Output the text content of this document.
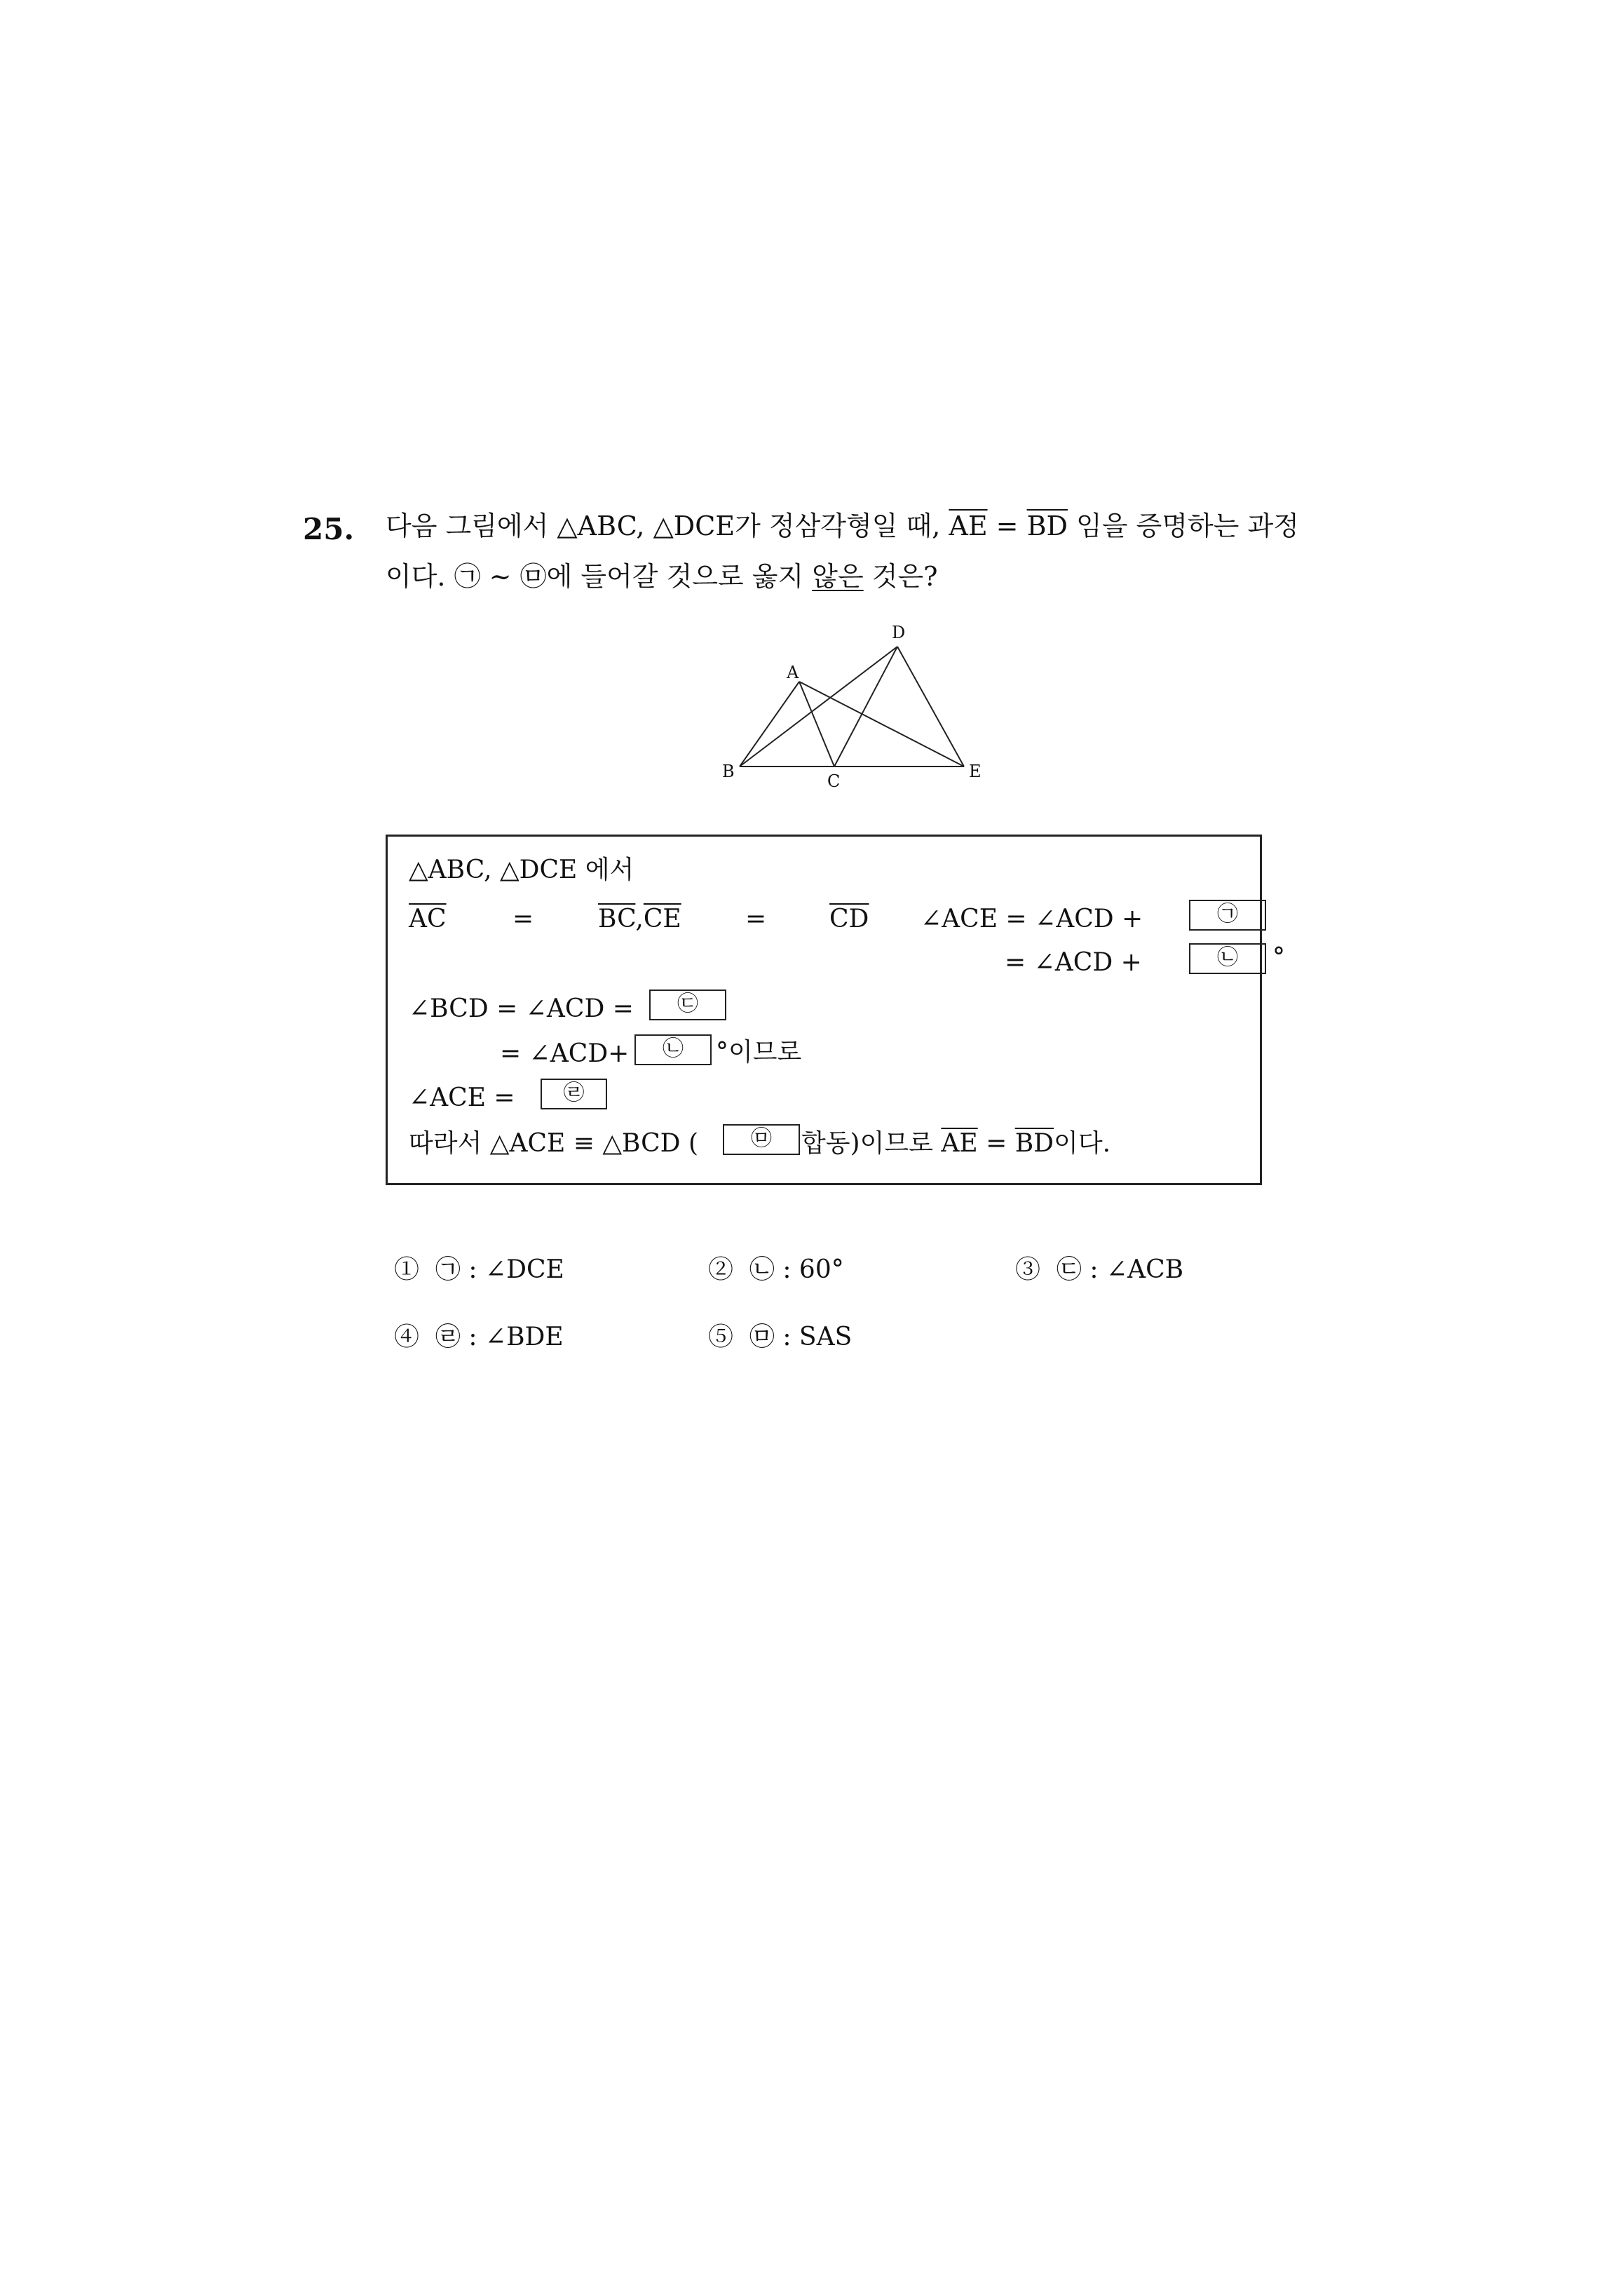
25. 다음 그림에서 △ABC, △DCE가 정삼각형일 때, $\overline{AE} = \overline{BD}$ 임을 증명하는 과정
이다. ㉠ ~ ㉤에 들어갈 것으로 옳지 않은 것은?
A
B	C
D
E
△ABC, △DCE 에서
$\overline{AC}$	=	$\overline{BC},\overline{CE}$	= $\overline{CD}$ ∠ACE = ∠ACD +	㉠
= ∠ACD +	㉡	°
∠BCD = ∠ACD =	㉢
= ∠ACD+	㉡	°이므로
∠ACE =	㉣
따라서 △ACE ≡ △BCD (	㉤	합동)이므로 $\overline{AE} = \overline{BD}$이다.
① ㉠ : ∠DCE	② ㉡ : 60°	③ ㉢ : ∠ACB
④ ㉣ : ∠BDE	⑤ ㉤ : SAS
